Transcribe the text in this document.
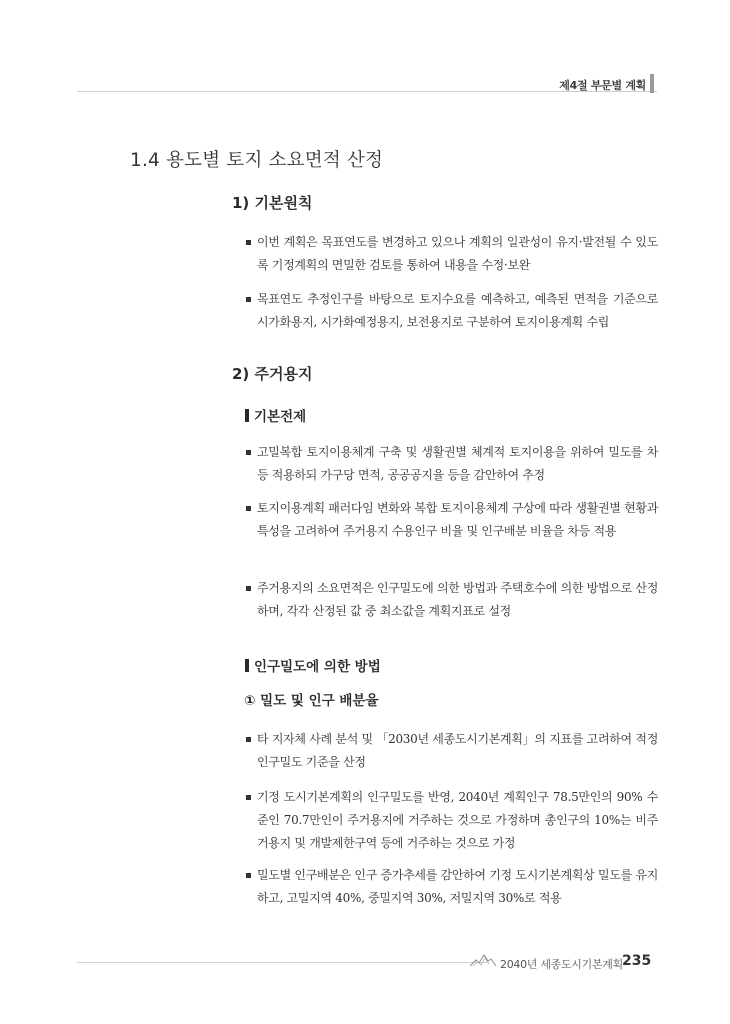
제4절 부문별 계획
1.4 용도별 토지 소요면적 산정
1) 기본원칙
이번 계획은 목표연도를 변경하고 있으나 계획의 일관성이 유지·발전될 수 있도록 기정계획의 면밀한 검토를 통하여 내용을 수정·보완
목표연도 추정인구를 바탕으로 토지수요를 예측하고, 예측된 면적을 기준으로 시가화용지, 시가화예정용지, 보전용지로 구분하여 토지이용계획 수립
2) 주거용지
기본전제
고밀복합 토지이용체계 구축 및 생활권별 체계적 토지이용을 위하여 밀도를 차등 적용하되 가구당 면적, 공공공지율 등을 감안하여 추정
토지이용계획 패러다임 변화와 복합 토지이용체계 구상에 따라 생활권별 현황과 특성을 고려하여 주거용지 수용인구 비율 및 인구배분 비율을 차등 적용
주거용지의 소요면적은 인구밀도에 의한 방법과 주택호수에 의한 방법으로 산정하며, 각각 산정된 값 중 최소값을 계획지표로 설정
인구밀도에 의한 방법
① 밀도 및 인구 배분율
타 지자체 사례 분석 및 「2030년 세종도시기본계획」의 지표를 고려하여 적정 인구밀도 기준을 산정
기정 도시기본계획의 인구밀도를 반영, 2040년 계획인구 78.5만인의 90% 수준인 70.7만인이 주거용지에 거주하는 것으로 가정하며 총인구의 10%는 비주거용지 및 개발제한구역 등에 거주하는 것으로 가정
밀도별 인구배분은 인구 증가추세를 감안하여 기정 도시기본계획상 밀도를 유지하고, 고밀지역 40%, 중밀지역 30%, 저밀지역 30%로 적용
2040년 세종도시기본계획 235
